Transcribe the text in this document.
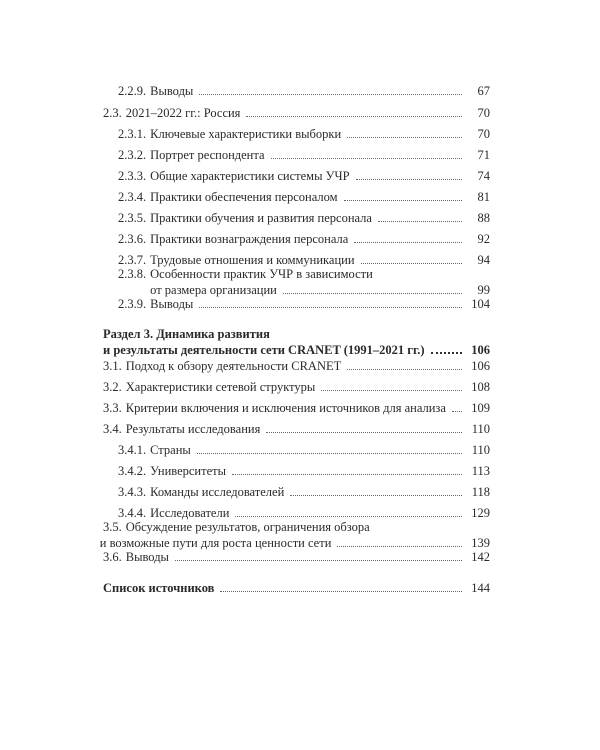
2.2.9. Выводы	67
2.3. 2021–2022 гг.: Россия	70
2.3.1. Ключевые характеристики выборки	70
2.3.2. Портрет респондента	71
2.3.3. Общие характеристики системы УЧР	74
2.3.4. Практики обеспечения персоналом	81
2.3.5. Практики обучения и развития персонала	88
2.3.6. Практики вознаграждения персонала	92
2.3.7. Трудовые отношения и коммуникации	94
2.3.8. Особенности практик УЧР в зависимости
от размера организации	99
2.3.9. Выводы	104
Раздел 3. Динамика развития
и результаты деятельности сети CRANET (1991–2021 гг.)	106
3.1. Подход к обзору деятельности CRANET	106
3.2. Характеристики сетевой структуры	108
3.3. Критерии включения и исключения источников для анализа	109
3.4. Результаты исследования	110
3.4.1. Страны	110
3.4.2. Университеты	113
3.4.3. Команды исследователей	118
3.4.4. Исследователи	129
3.5. Обсуждение результатов, ограничения обзора
и возможные пути для роста ценности сети	139
3.6. Выводы	142
Список источников	144
